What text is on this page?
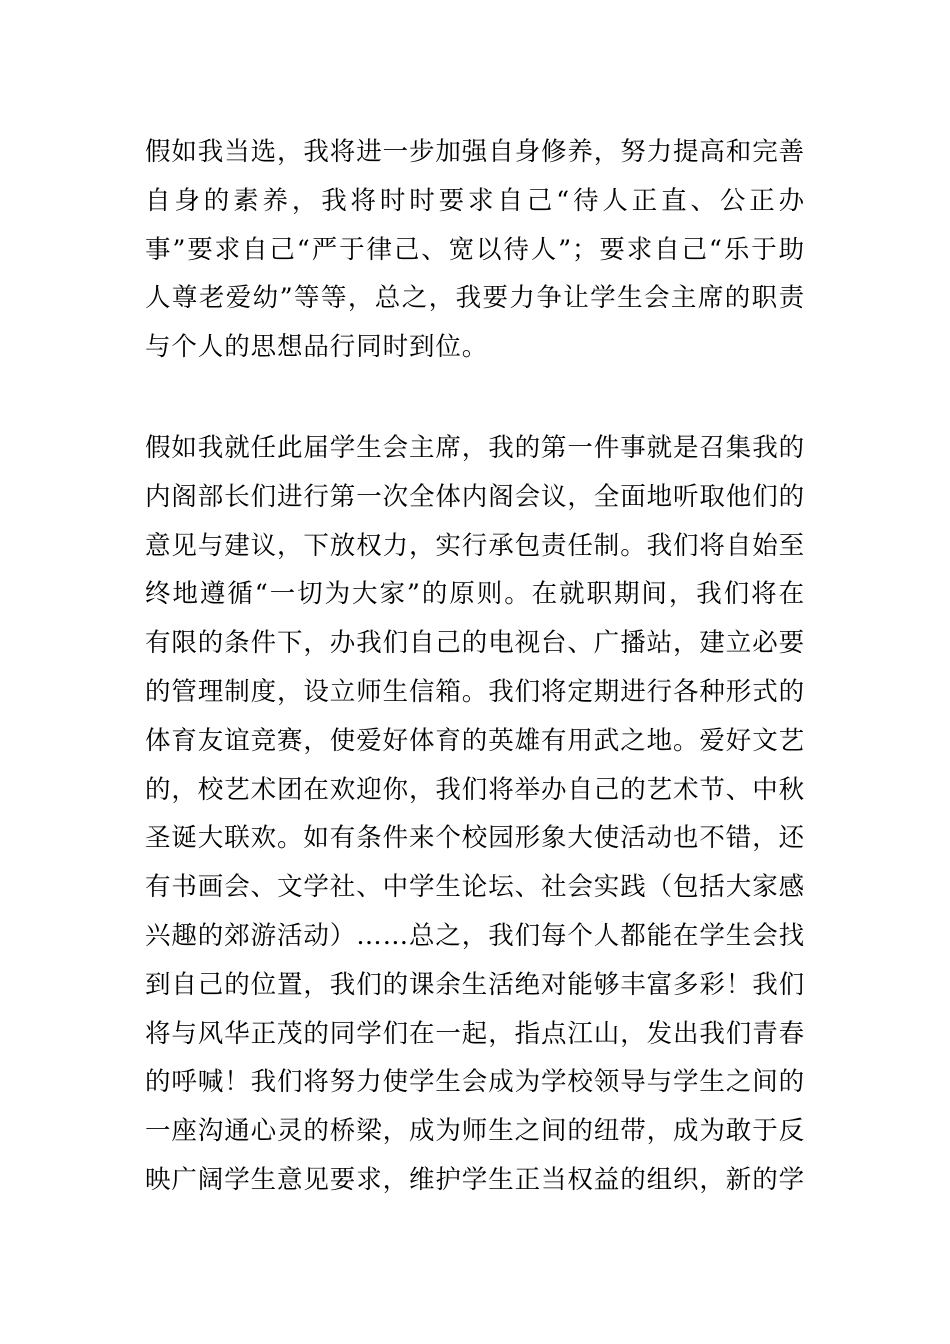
假如我当选，我将进一步加强自身修养，努力提高和完善自身的素养，我将时时要求自己“待人正直、公正办事”要求自己“严于律己、宽以待人”；要求自己“乐于助人尊老爱幼”等等，总之，我要力争让学生会主席的职责与个人的思想品行同时到位。

假如我就任此届学生会主席，我的第一件事就是召集我的内阁部长们进行第一次全体内阁会议，全面地听取他们的意见与建议，下放权力，实行承包责任制。我们将自始至终地遵循“一切为大家”的原则。在就职期间，我们将在有限的条件下，办我们自己的电视台、广播站，建立必要的管理制度，设立师生信箱。我们将定期进行各种形式的体育友谊竞赛，使爱好体育的英雄有用武之地。爱好文艺的，校艺术团在欢迎你，我们将举办自己的艺术节、中秋圣诞大联欢。如有条件来个校园形象大使活动也不错，还有书画会、文学社、中学生论坛、社会实践（包括大家感兴趣的郊游活动）……总之，我们每个人都能在学生会找到自己的位置，我们的课余生活绝对能够丰富多彩！我们将与风华正茂的同学们在一起，指点江山，发出我们青春的呼喊！我们将努力使学生会成为学校领导与学生之间的一座沟通心灵的桥梁，成为师生之间的纽带，成为敢于反映广阔学生意见要求，维护学生正当权益的组织，新的学
